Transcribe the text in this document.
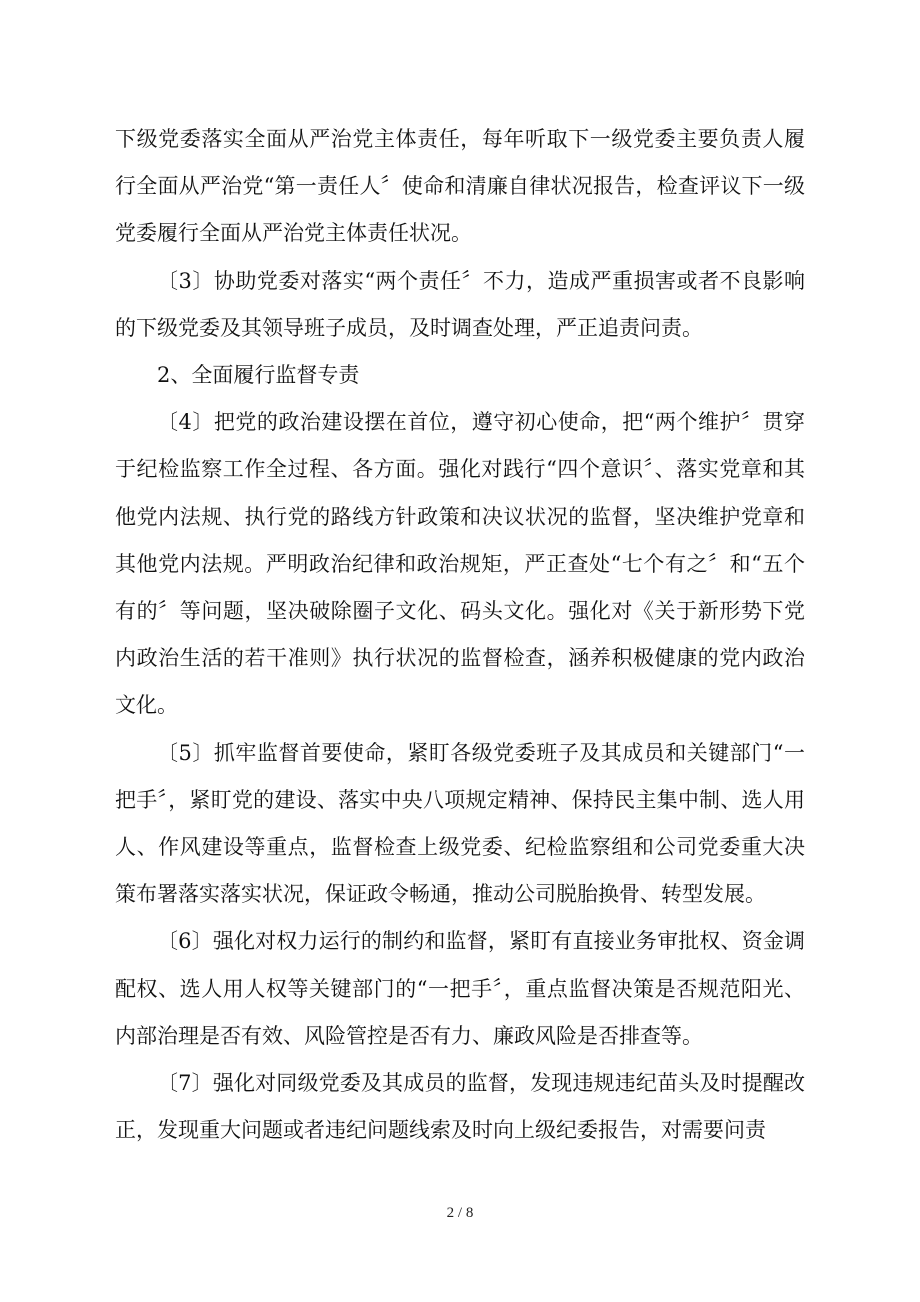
下级党委落实全面从严治党主体责任，每年听取下一级党委主要负责人履行全面从严治党“第一责任人〞使命和清廉自律状况报告，检查评议下一级党委履行全面从严治党主体责任状况。

〔3〕协助党委对落实“两个责任〞不力，造成严重损害或者不良影响的下级党委及其领导班子成员，及时调查处理，严正追责问责。

2、全面履行监督专责

〔4〕把党的政治建设摆在首位，遵守初心使命，把“两个维护〞贯穿于纪检监察工作全过程、各方面。强化对践行“四个意识〞、落实党章和其他党内法规、执行党的路线方针政策和决议状况的监督，坚决维护党章和其他党内法规。严明政治纪律和政治规矩，严正查处“七个有之〞和“五个有的〞等问题，坚决破除圈子文化、码头文化。强化对《关于新形势下党内政治生活的若干准则》执行状况的监督检查，涵养积极健康的党内政治文化。

〔5〕抓牢监督首要使命，紧盯各级党委班子及其成员和关键部门“一把手〞，紧盯党的建设、落实中央八项规定精神、保持民主集中制、选人用人、作风建设等重点，监督检查上级党委、纪检监察组和公司党委重大决策布署落实落实状况，保证政令畅通，推动公司脱胎换骨、转型发展。

〔6〕强化对权力运行的制约和监督，紧盯有直接业务审批权、资金调配权、选人用人权等关键部门的“一把手〞，重点监督决策是否规范阳光、内部治理是否有效、风险管控是否有力、廉政风险是否排查等。

〔7〕强化对同级党委及其成员的监督，发现违规违纪苗头及时提醒改正，发现重大问题或者违纪问题线索及时向上级纪委报告，对需要问责

2 / 8
